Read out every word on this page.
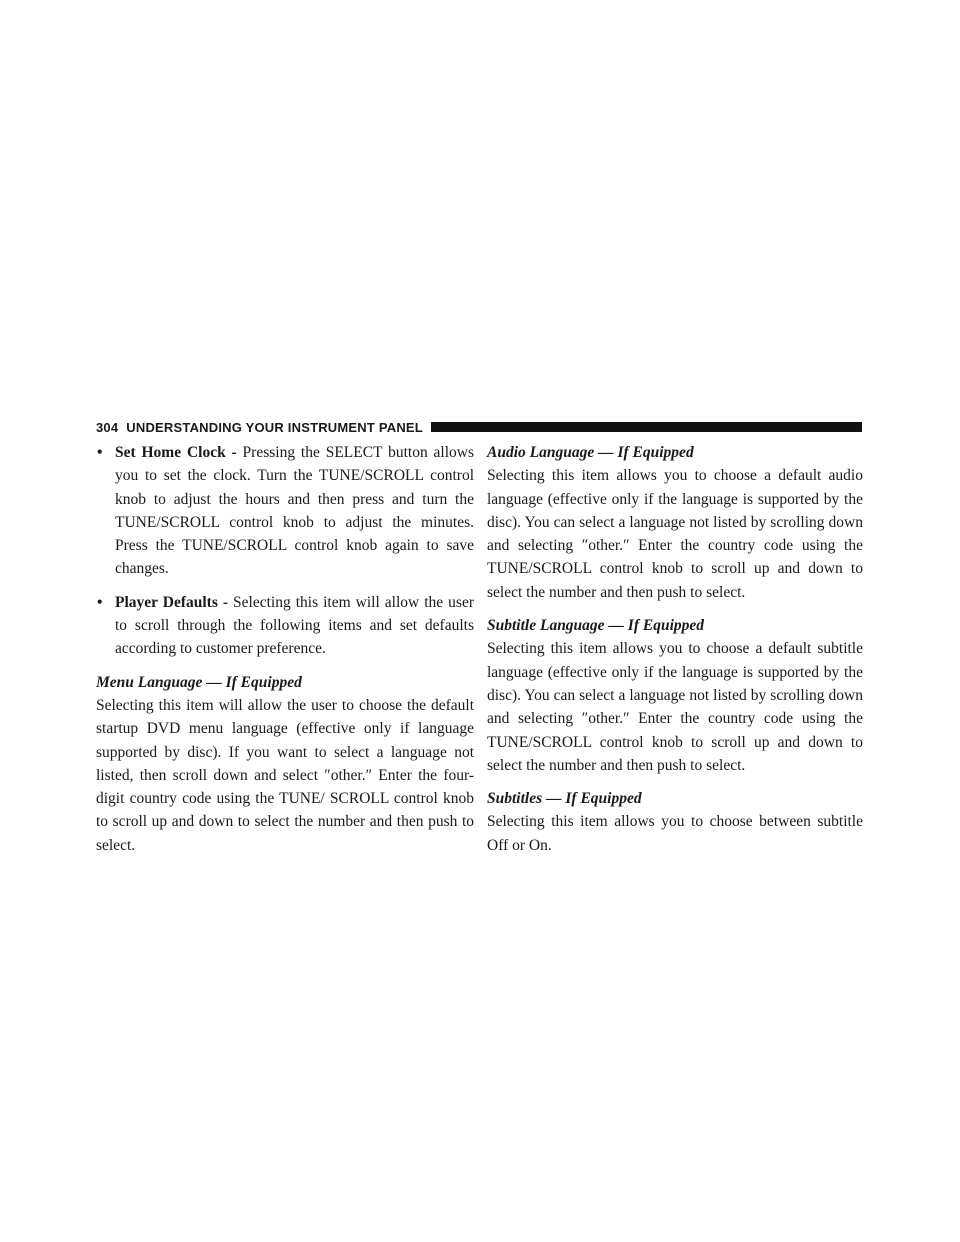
304 UNDERSTANDING YOUR INSTRUMENT PANEL
• Set Home Clock - Pressing the SELECT button allows you to set the clock. Turn the TUNE/SCROLL control knob to adjust the hours and then press and turn the TUNE/SCROLL control knob to adjust the minutes. Press the TUNE/SCROLL control knob again to save changes.
• Player Defaults - Selecting this item will allow the user to scroll through the following items and set defaults according to customer preference.

Menu Language — If Equipped

Selecting this item will allow the user to choose the default startup DVD menu language (effective only if language supported by disc). If you want to select a language not listed, then scroll down and select ″other.″ Enter the four-digit country code using the TUNE/ SCROLL control knob to scroll up and down to select the number and then push to select.

Audio Language — If Equipped

Selecting this item allows you to choose a default audio language (effective only if the language is supported by the disc). You can select a language not listed by scrolling down and selecting ″other.″ Enter the country code using the TUNE/SCROLL control knob to scroll up and down to select the number and then push to select.

Subtitle Language — If Equipped

Selecting this item allows you to choose a default subtitle language (effective only if the language is supported by the disc). You can select a language not listed by scrolling down and selecting ″other.″ Enter the country code using the TUNE/SCROLL control knob to scroll up and down to select the number and then push to select.

Subtitles — If Equipped

Selecting this item allows you to choose between subtitle Off or On.
